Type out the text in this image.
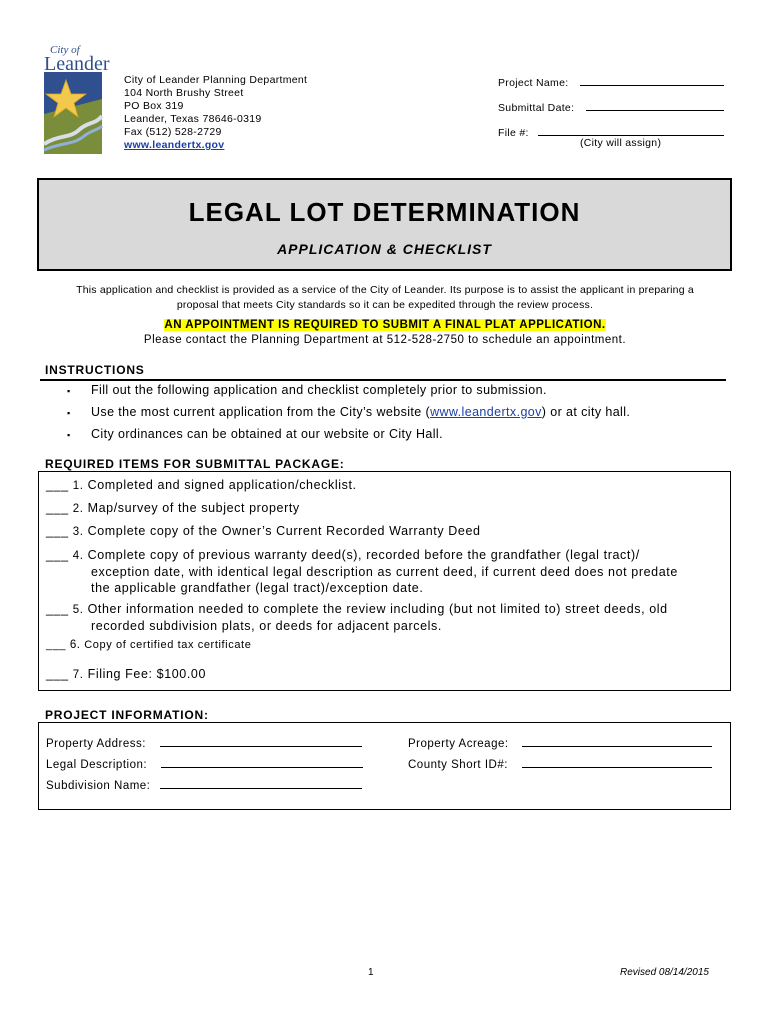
City of
Leander
City of Leander Planning Department
104 North Brushy Street
PO Box 319
Leander, Texas 78646-0319
Fax (512) 528-2729
www.leandertx.gov
Project Name:
Submittal Date:
File #:
(City will assign)
LEGAL LOT DETERMINATION
APPLICATION & CHECKLIST
This application and checklist is provided as a service of the City of Leander. Its purpose is to assist the applicant in preparing a
proposal that meets City standards so it can be expedited through the review process.
AN APPOINTMENT IS REQUIRED TO SUBMIT A FINAL PLAT APPLICATION.
Please contact the Planning Department at 512-528-2750 to schedule an appointment.
INSTRUCTIONS
▪ Fill out the following application and checklist completely prior to submission.
▪ Use the most current application from the City’s website (www.leandertx.gov) or at city hall.
▪ City ordinances can be obtained at our website or City Hall.
REQUIRED ITEMS FOR SUBMITTAL PACKAGE:
___ 1. Completed and signed application/checklist.
___ 2. Map/survey of the subject property
___ 3. Complete copy of the Owner’s Current Recorded Warranty Deed
___ 4. Complete copy of previous warranty deed(s), recorded before the grandfather (legal tract)/
exception date, with identical legal description as current deed, if current deed does not predate
the applicable grandfather (legal tract)/exception date.
___ 5. Other information needed to complete the review including (but not limited to) street deeds, old
recorded subdivision plats, or deeds for adjacent parcels.
___ 6. Copy of certified tax certificate
___ 7. Filing Fee: $100.00
PROJECT INFORMATION:
Property Address:	Property Acreage:
Legal Description:	County Short ID#:
Subdivision Name:
1	Revised 08/14/2015
